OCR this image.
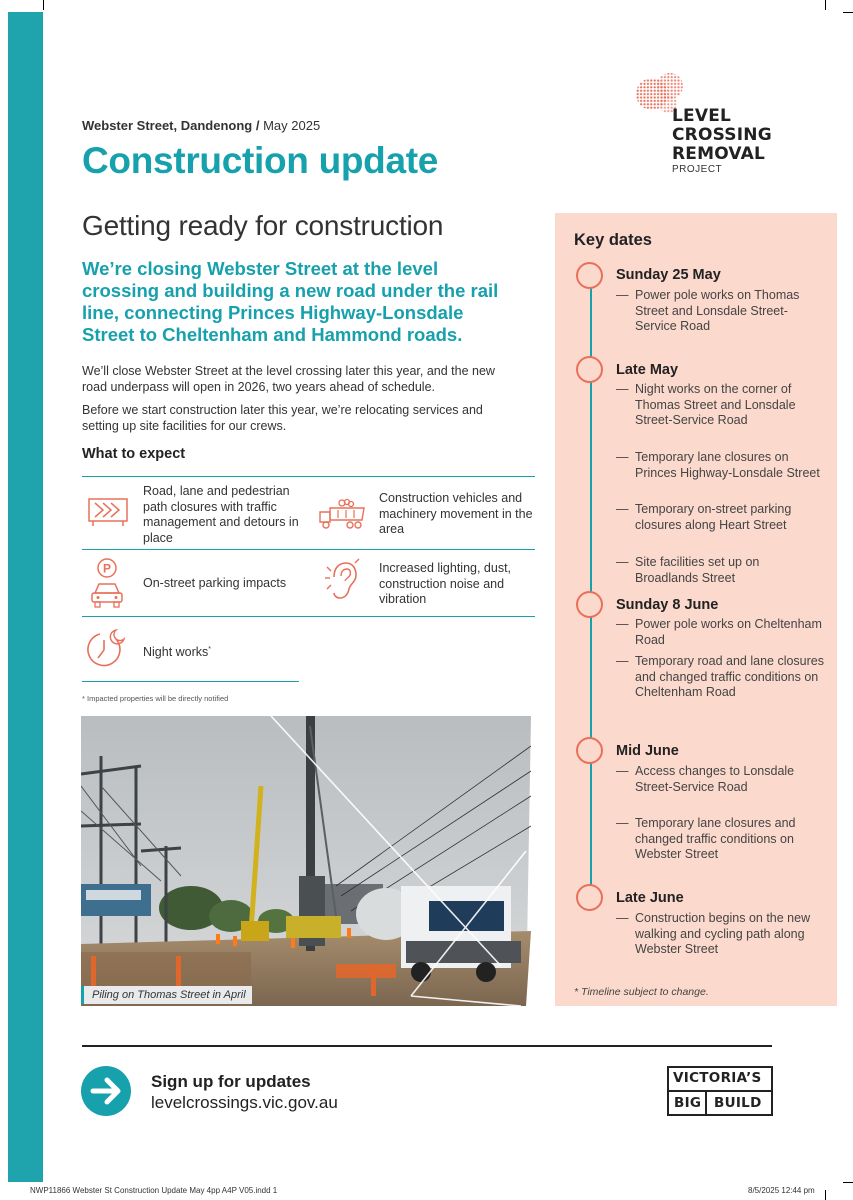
Webster Street, Dandenong / May 2025
Construction update
LEVEL
CROSSING
REMOVAL
PROJECT
Getting ready for construction
We’re closing Webster Street at the level crossing and building a new road under the rail line, connecting Princes Highway-Lonsdale Street to Cheltenham and Hammond roads.
We’ll close Webster Street at the level crossing later this year, and the new road underpass will open in 2026, two years ahead of schedule.
Before we start construction later this year, we’re relocating services and setting up site facilities for our crews.
What to expect
Road, lane and pedestrian path closures with traffic management and detours in place
Construction vehicles and machinery movement in the area
P
On-street parking impacts
Increased lighting, dust, construction noise and vibration
Night works*
* Impacted properties will be directly notified
Piling on Thomas Street in April
Key dates
Sunday 25 May
— Power pole works on Thomas Street and Lonsdale Street-Service Road
Late May
— Night works on the corner of Thomas Street and Lonsdale Street-Service Road
— Temporary lane closures on Princes Highway-Lonsdale Street
— Temporary on-street parking closures along Heart Street
— Site facilities set up on Broadlands Street
Sunday 8 June
— Power pole works on Cheltenham Road
— Temporary road and lane closures and changed traffic conditions on Cheltenham Road
Mid June
— Access changes to Lonsdale Street-Service Road
— Temporary lane closures and changed traffic conditions on Webster Street
Late June
— Construction begins on the new walking and cycling path along Webster Street
* Timeline subject to change.
Sign up for updates
levelcrossings.vic.gov.au
VICTORIA’S
BIG BUILD
NWP11866 Webster St Construction Update May 4pp A4P V05.indd 1	8/5/2025 12:44 pm
